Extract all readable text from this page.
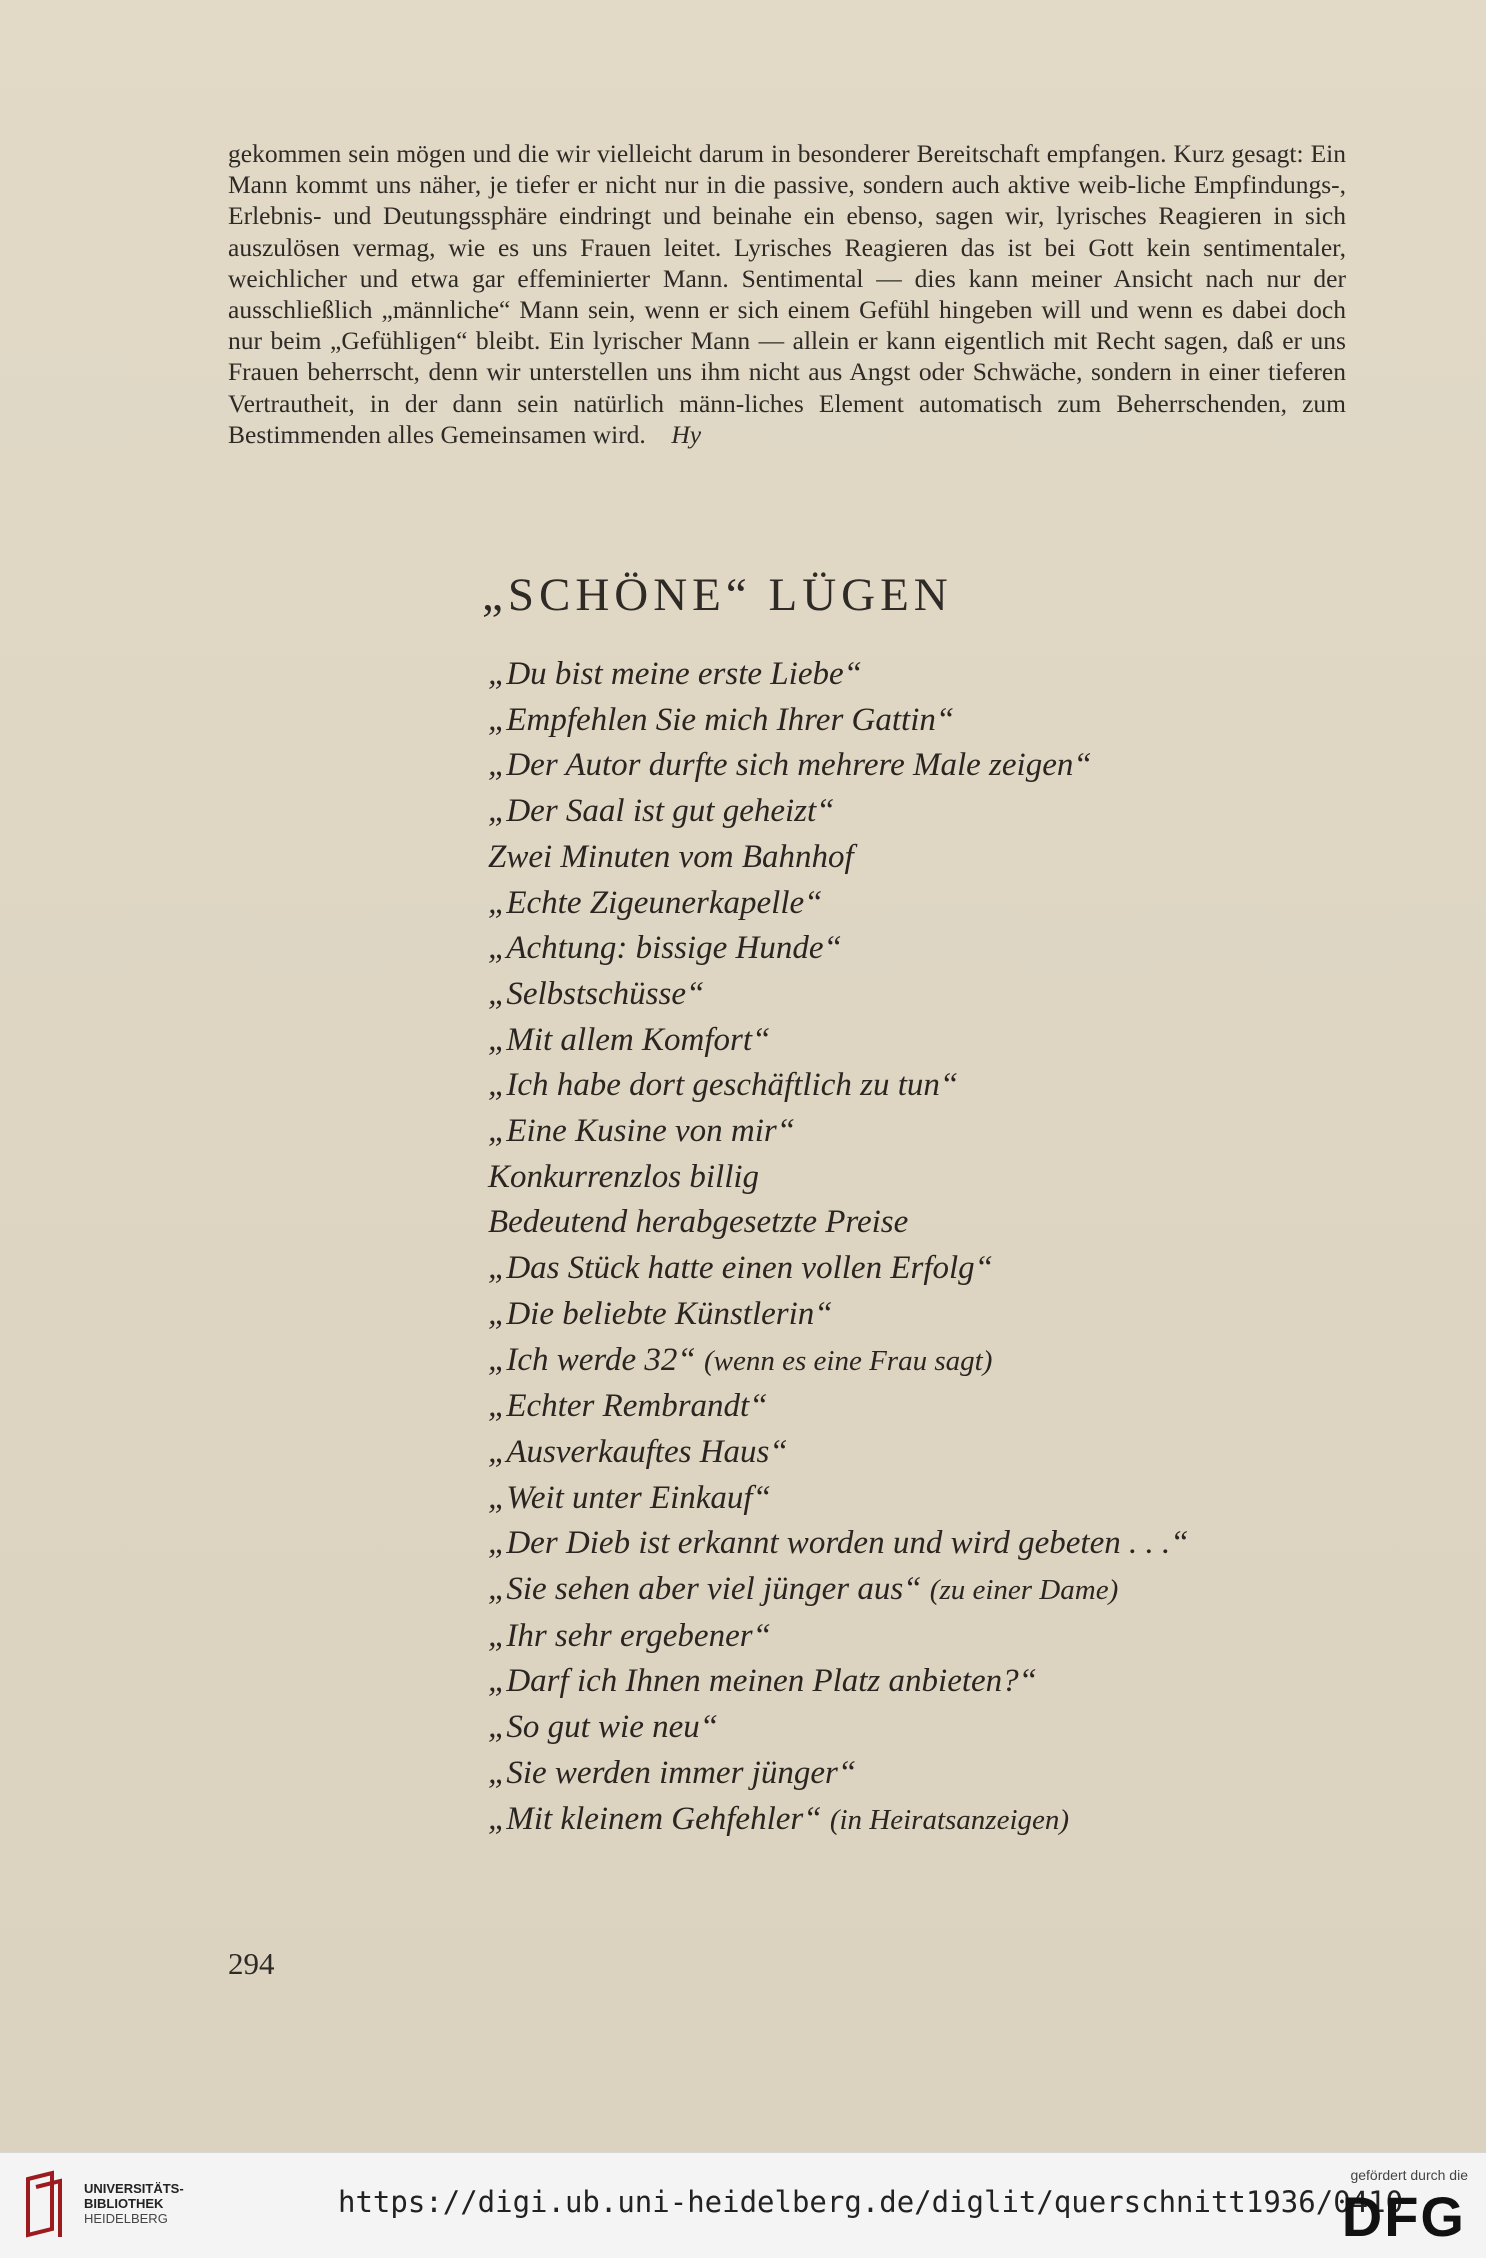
gekommen sein mögen und die wir vielleicht darum in besonderer Bereitschaft empfangen. Kurz gesagt: Ein Mann kommt uns näher, je tiefer er nicht nur in die passive, sondern auch aktive weib‑liche Empfindungs‑, Erlebnis‑ und Deutungssphäre eindringt und beinahe ein ebenso, sagen wir, lyrisches Reagieren in sich auszulösen vermag, wie es uns Frauen leitet. Lyrisches Reagieren das ist bei Gott kein sentimentaler, weichlicher und etwa gar effeminierter Mann. Sentimental — dies kann meiner Ansicht nach nur der ausschließlich „männliche“ Mann sein, wenn er sich einem Gefühl hingeben will und wenn es dabei doch nur beim „Gefühligen“ bleibt. Ein lyrischer Mann — allein er kann eigentlich mit Recht sagen, daß er uns Frauen beherrscht, denn wir unterstellen uns ihm nicht aus Angst oder Schwäche, sondern in einer tieferen Vertrautheit, in der dann sein natürlich männ‑liches Element automatisch zum Beherrschenden, zum Bestimmenden alles Gemeinsamen wird. Hy

„SCHÖNE“ LÜGEN
„Du bist meine erste Liebe“
„Empfehlen Sie mich Ihrer Gattin“
„Der Autor durfte sich mehrere Male zeigen“
„Der Saal ist gut geheizt“
Zwei Minuten vom Bahnhof
„Echte Zigeunerkapelle“
„Achtung: bissige Hunde“
„Selbstschüsse“
„Mit allem Komfort“
„Ich habe dort geschäftlich zu tun“
„Eine Kusine von mir“
Konkurrenzlos billig
Bedeutend herabgesetzte Preise
„Das Stück hatte einen vollen Erfolg“
„Die beliebte Künstlerin“
„Ich werde 32“ (wenn es eine Frau sagt)
„Echter Rembrandt“
„Ausverkauftes Haus“
„Weit unter Einkauf“
„Der Dieb ist erkannt worden und wird gebeten . . .“
„Sie sehen aber viel jünger aus“ (zu einer Dame)
„Ihr sehr ergebener“
„Darf ich Ihnen meinen Platz anbieten?“
„So gut wie neu“
„Sie werden immer jünger“
„Mit kleinem Gehfehler“ (in Heiratsanzeigen)
294
UNIVERSITÄTS-
BIBLIOTHEK
HEIDELBERG	https://digi.ub.uni-heidelberg.de/diglit/querschnitt1936/0410
gefördert durch die
DFG
